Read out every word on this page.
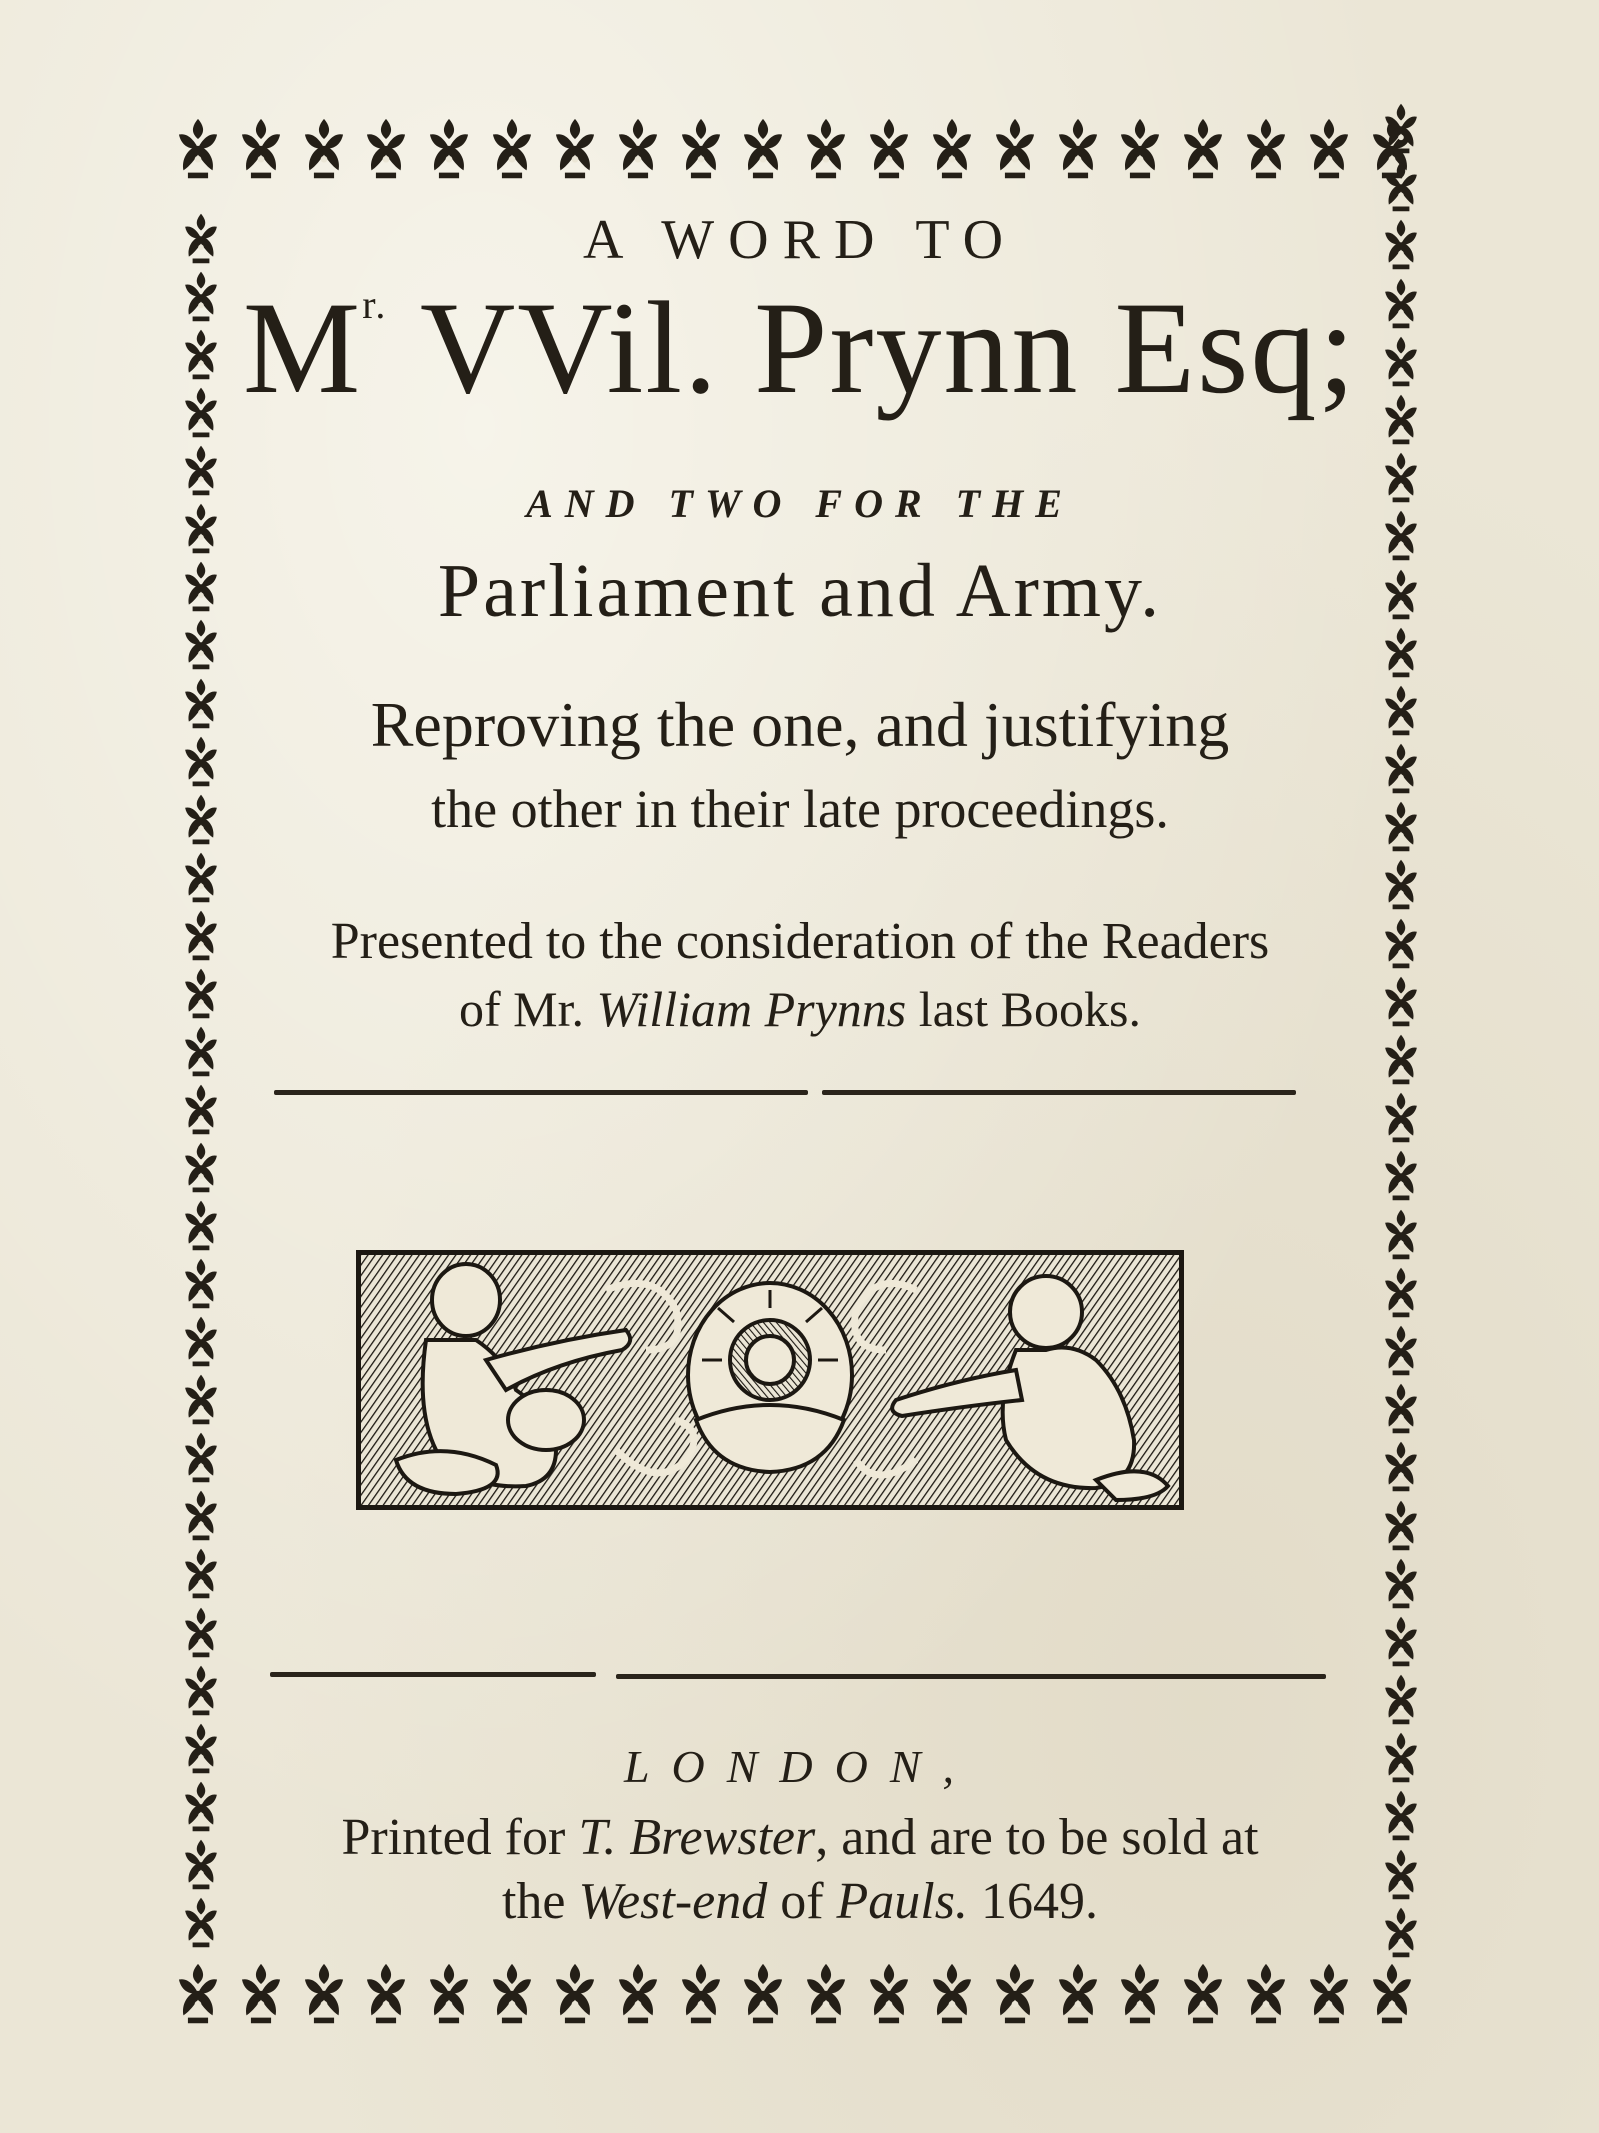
A WORD TO
$M^{r.}$ VVil. Prynn Esq;
AND TWO FOR THE
Parliament and Army.
Reproving the one, and justifying
the other in their late proceedings.
Presented to the consideration of the Readers
of Mr. William Prynns last Books.
LONDON,
Printed for T. Brewster, and are to be sold at
the West-end of Pauls. 1649.
